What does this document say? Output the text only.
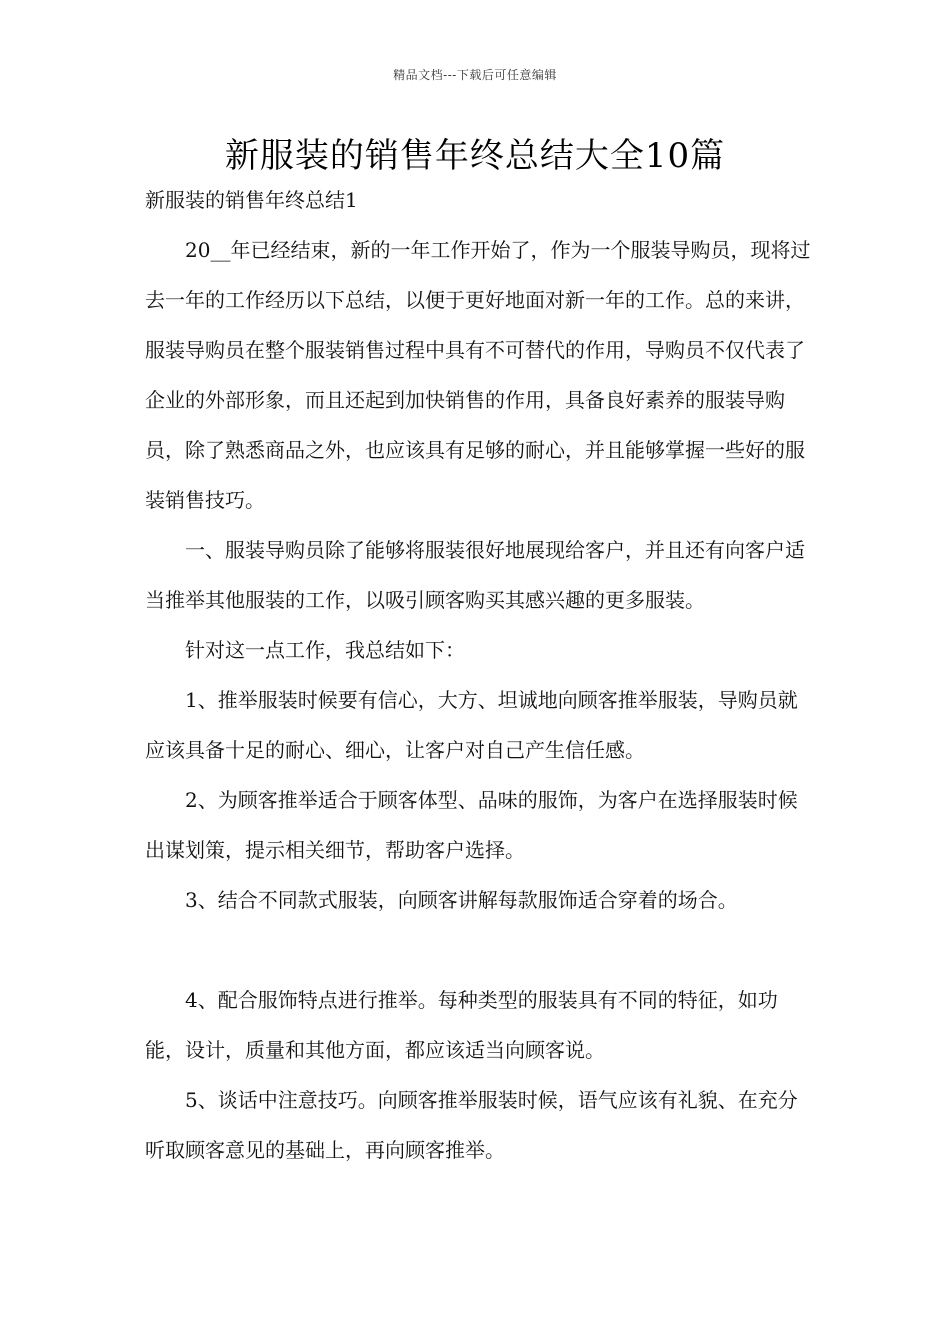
精品文档---下载后可任意编辑
新服装的销售年终总结大全10篇
新服装的销售年终总结1

20__年已经结束，新的一年工作开始了，作为一个服装导购员，现将过去一年的工作经历以下总结，以便于更好地面对新一年的工作。总的来讲，服装导购员在整个服装销售过程中具有不可替代的作用，导购员不仅代表了企业的外部形象，而且还起到加快销售的作用，具备良好素养的服装导购员，除了熟悉商品之外，也应该具有足够的耐心，并且能够掌握一些好的服装销售技巧。

一、服装导购员除了能够将服装很好地展现给客户，并且还有向客户适当推举其他服装的工作，以吸引顾客购买其感兴趣的更多服装。

针对这一点工作，我总结如下：

1、推举服装时候要有信心，大方、坦诚地向顾客推举服装，导购员就应该具备十足的耐心、细心，让客户对自己产生信任感。

2、为顾客推举适合于顾客体型、品味的服饰，为客户在选择服装时候出谋划策，提示相关细节，帮助客户选择。

3、结合不同款式服装，向顾客讲解每款服饰适合穿着的场合。

4、配合服饰特点进行推举。每种类型的服装具有不同的特征，如功能，设计，质量和其他方面，都应该适当向顾客说。

5、谈话中注意技巧。向顾客推举服装时候，语气应该有礼貌、在充分听取顾客意见的基础上，再向顾客推举。
